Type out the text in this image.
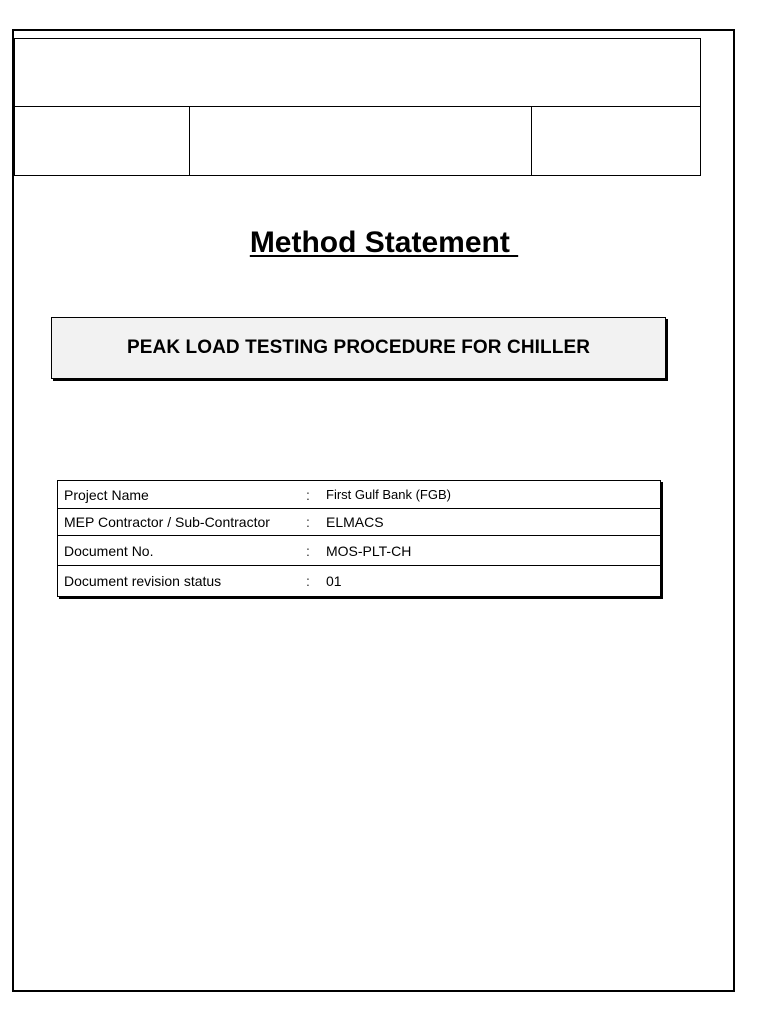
Method Statement
PEAK LOAD TESTING PROCEDURE FOR CHILLER
Project Name	:	First Gulf Bank (FGB)
MEP Contractor / Sub-Contractor	:	ELMACS
Document No.	:	MOS-PLT-CH
Document revision status	:	01
